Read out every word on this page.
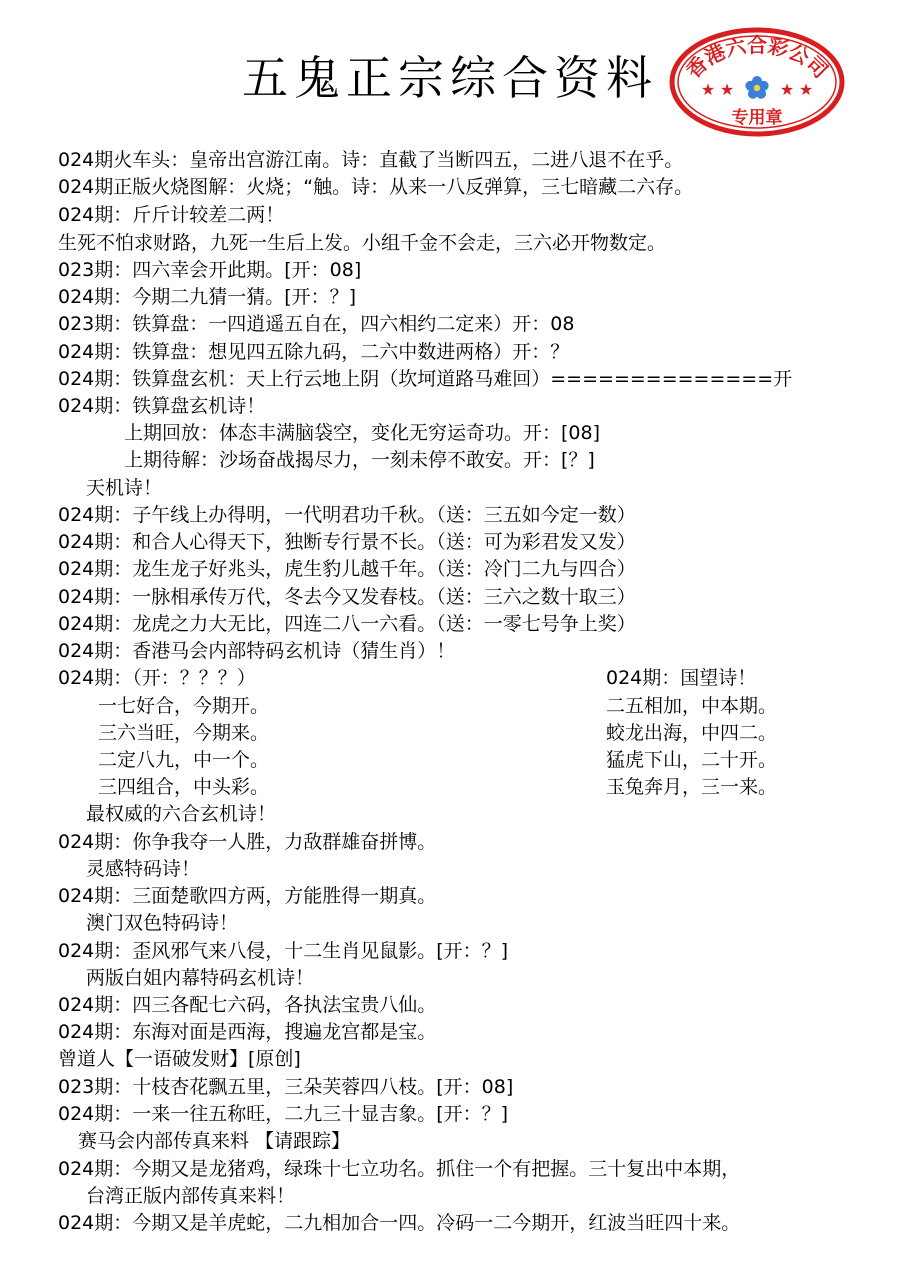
五鬼正宗综合资料	香港六合彩公司
★ ★	★ ★
专用章
024期火车头：皇帝出宫游江南。诗：直截了当断四五，二进八退不在乎。
024期正版火烧图解：火烧；“触。诗：从来一八反弹算，三七暗藏二六存。
024期：斤斤计较差二两！
生死不怕求财路，九死一生后上发。小组千金不会走，三六必开物数定。
023期：四六幸会开此期。[开：08]
024期：今期二九猜一猜。[开：？]
023期：铁算盘：一四逍遥五自在，四六相约二定来）开：08
024期：铁算盘：想见四五除九码，二六中数进两格）开：？
024期：铁算盘玄机：天上行云地上阴（坎坷道路马难回）==============开
024期：铁算盘玄机诗！
上期回放：体态丰满脑袋空，变化无穷运奇功。开：[08]
上期待解：沙场奋战揭尽力，一刻未停不敢安。开：[？]
天机诗！
024期：子午线上办得明，一代明君功千秋。（送：三五如今定一数）
024期：和合人心得天下，独断专行景不长。（送：可为彩君发又发）
024期：龙生龙子好兆头，虎生豹儿越千年。（送：冷门二九与四合）
024期：一脉相承传万代，冬去今又发春枝。（送：三六之数十取三）
024期：龙虎之力大无比，四连二八一六看。（送：一零七号争上奖）
024期：香港马会内部特码玄机诗（猜生肖）！
024期：（开：？？？）
一七好合，今期开。
三六当旺，今期来。
二定八九，中一个。
三四组合，中头彩。
最权威的六合玄机诗！
024期：你争我夺一人胜，力敌群雄奋拼博。
灵感特码诗！
024期：三面楚歌四方两，方能胜得一期真。
澳门双色特码诗！
024期：歪风邪气来八侵，十二生肖见鼠影。[开：？]
两版白姐内幕特码玄机诗！
024期：四三各配七六码，各执法宝贵八仙。
024期：东海对面是西海，搜遍龙宫都是宝。
曾道人【一语破发财】[原创]
023期：十枝杏花飘五里，三朵芙蓉四八枝。[开：08]
024期：一来一往五称旺，二九三十显吉象。[开：？]
赛马会内部传真来料 【请跟踪】
024期：今期又是龙猪鸡，绿珠十七立功名。抓住一个有把握。三十复出中本期，
台湾正版内部传真来料！
024期：今期又是羊虎蛇，二九相加合一四。冷码一二今期开，红波当旺四十来。
024期：国望诗！
二五相加，中本期。
蛟龙出海，中四二。
猛虎下山，二十开。
玉兔奔月，三一来。
